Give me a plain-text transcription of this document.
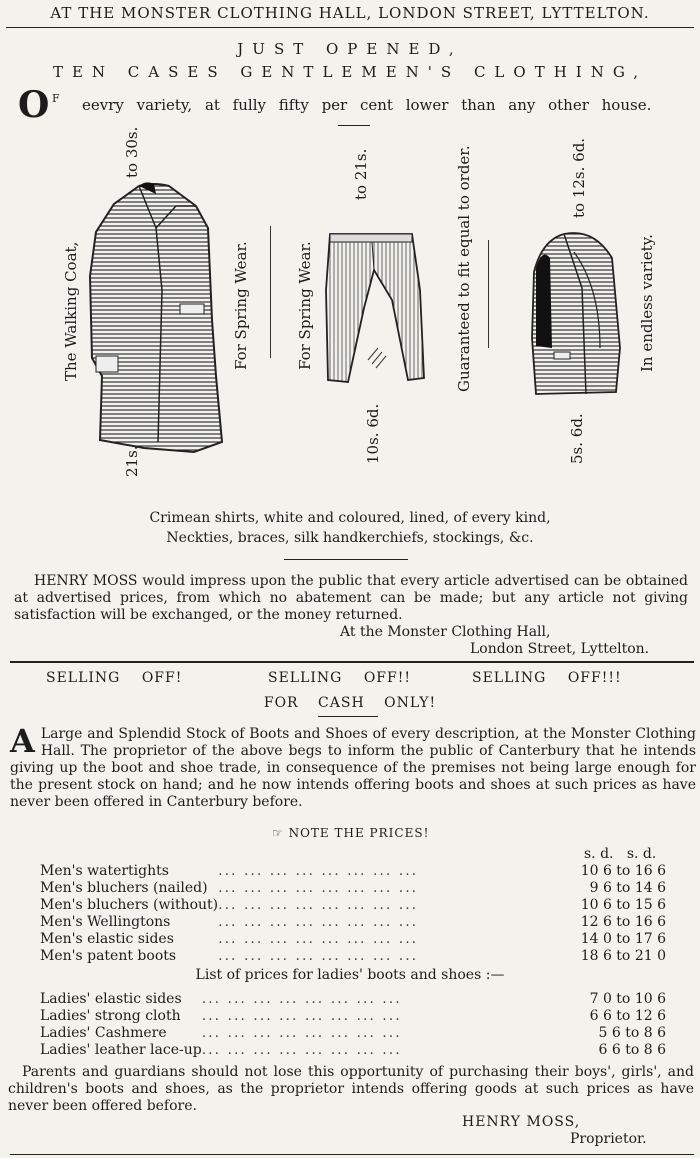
AT THE MONSTER CLOTHING HALL, LONDON STREET, LYTTELTON.
JUST OPENED,
TEN CASES GENTLEMEN'S CLOTHING,
O F eevry variety, at fully fifty per cent lower than any other house.
The Walking Coat,
21s.
to 30s.
For Spring Wear.	For Spring Wear.
to 21s.
10s. 6d.
Guaranteed to fit equal to order.	to 12s. 6d.
5s. 6d.
In endless variety.
Crimean shirts, white and coloured, lined, of every kind,
Neckties, braces, silk handkerchiefs, stockings, &c.
HENRY MOSS would impress upon the public that every article advertised can be obtained at advertised prices, from which no abatement can be made; but any article not giving satisfaction will be exchanged, or the money returned.
At the Monster Clothing Hall,
London Street, Lyttelton.
SELLING OFF!	SELLING OFF!!	SELLING OFF!!!
FOR CASH ONLY!
A Large and Splendid Stock of Boots and Shoes of every description, at the Monster Clothing Hall. The proprietor of the above begs to inform the public of Canterbury that he intends giving up the boot and shoe trade, in consequence of the premises not being large enough for the present stock on hand; and he now intends offering boots and shoes at such prices as have never been offered in Canterbury before.
☞ NOTE THE PRICES!
s. d.   s. d.
Men's watertights	... ... ... ... ... ... ... ...	10 6 to 16 6
Men's bluchers (nailed)	... ... ... ... ... ... ... ...	9 6 to 14 6
Men's bluchers (without)	... ... ... ... ... ... ... ...	10 6 to 15 6
Men's Wellingtons	... ... ... ... ... ... ... ...	12 6 to 16 6
Men's elastic sides	... ... ... ... ... ... ... ...	14 0 to 17 6
Men's patent boots	... ... ... ... ... ... ... ...	18 6 to 21 0
List of prices for ladies' boots and shoes :—
Ladies' elastic sides	... ... ... ... ... ... ... ...	7 0 to 10 6
Ladies' strong cloth	... ... ... ... ... ... ... ...	6 6 to 12 6
Ladies' Cashmere	... ... ... ... ... ... ... ...	5 6 to 8 6
Ladies' leather lace-up	... ... ... ... ... ... ... ...	6 6 to 8 6
Parents and guardians should not lose this opportunity of purchasing their boys', girls', and children's boots and shoes, as the proprietor intends offering goods at such prices as have never been offered before.
HENRY MOSS,
Proprietor.
